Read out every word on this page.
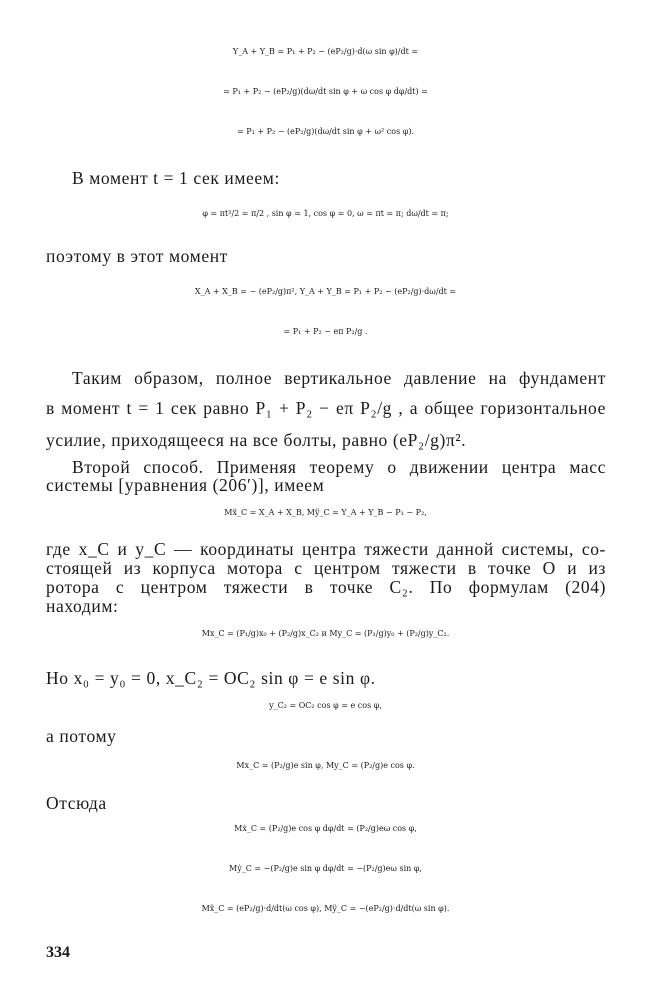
Y_A + Y_B = P₁ + P₂ − (eP₂/g)·d(ω sin φ)/dt =
= P₁ + P₂ − (eP₂/g)(dω/dt sin φ + ω cos φ dφ/dt) =
= P₁ + P₂ − (eP₂/g)(dω/dt sin φ + ω² cos φ).
В момент t = 1 сек имеем:
φ = πt²/2 = π/2 , sin φ = 1, cos φ = 0, ω = πt = π; dω/dt = π;
поэтому в этот момент
X_A + X_B = − (eP₂/g)π², Y_A + Y_B = P₁ + P₂ − (eP₂/g)·dω/dt =
= P₁ + P₂ − eπ P₂/g .
Таким образом, полное вертикальное давление на фундамент
в момент t = 1 сек равно P₁ + P₂ − eπ P₂/g , а общее горизонтальное
усилие, приходящееся на все болты, равно (eP₂/g)π².
Второй способ. Применяя теорему о движении центра масс
системы [уравнения (206′)], имеем
Mẍ_C = X_A + X_B, Mÿ_C = Y_A + Y_B − P₁ − P₂,
где x_C и y_C — координаты центра тяжести данной системы, со-
стоящей из корпуса мотора с центром тяжести в точке O и из
ротора с центром тяжести в точке C₂. По формулам (204)
находим:
Mx_C = (P₁/g)x₀ + (P₂/g)x_C₂ и My_C = (P₁/g)y₀ + (P₂/g)y_C₂.
Но x₀ = y₀ = 0, x_C₂ = OC₂ sin φ = e sin φ.
y_C₂ = OC₂ cos φ = e cos φ,
а потому
Mx_C = (P₂/g)e sin φ, My_C = (P₂/g)e cos φ.
Отсюда
Mẋ_C = (P₂/g)e cos φ dφ/dt = (P₂/g)eω cos φ,
Mẏ_C = −(P₂/g)e sin φ dφ/dt = −(P₂/g)eω sin φ,
Mẍ_C = (eP₂/g)·d/dt(ω cos φ), Mÿ_C = −(eP₂/g)·d/dt(ω sin φ).
334
